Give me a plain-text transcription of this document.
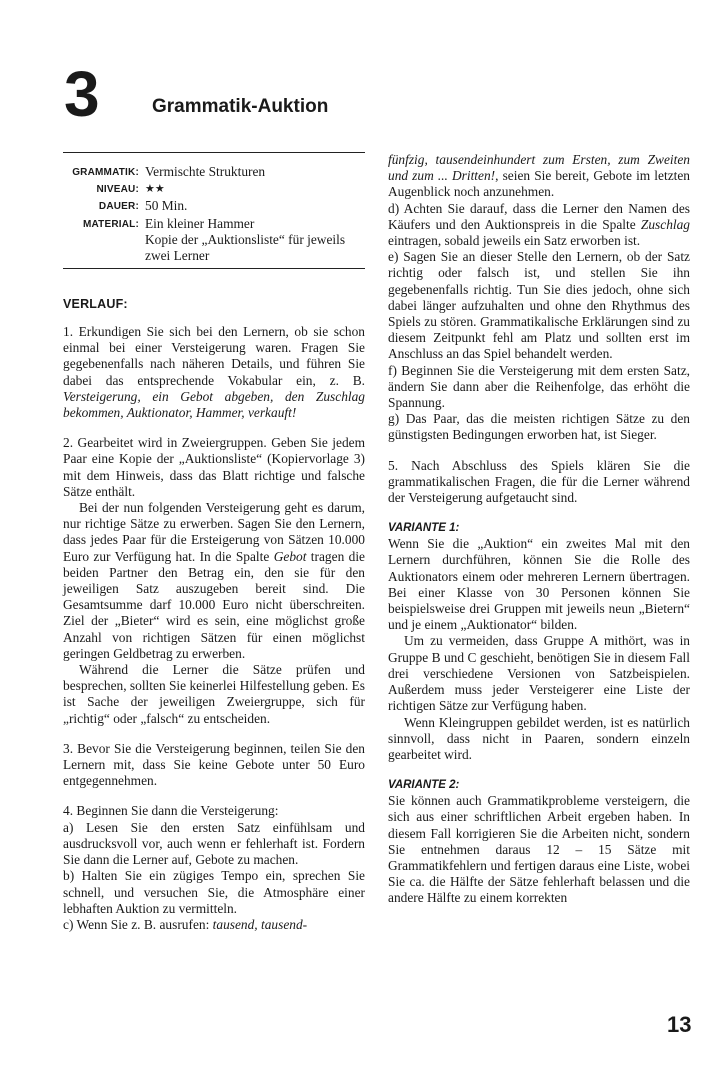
3	Grammatik-Auktion
GRAMMATIK: Vermischte Strukturen
NIVEAU: ★★
DAUER: 50 Min.
MATERIAL: Ein kleiner Hammer
Kopie der „Auktionsliste“ für jeweils zwei Lerner
VERLAUF:

1. Erkundigen Sie sich bei den Lernern, ob sie schon einmal bei einer Versteigerung waren. Fragen Sie gegebenenfalls nach näheren Details, und führen Sie dabei das entsprechende Vokabular ein, z. B. Versteigerung, ein Gebot abgeben, den Zuschlag bekommen, Auktionator, Hammer, verkauft!

2. Gearbeitet wird in Zweiergruppen. Geben Sie jedem Paar eine Kopie der „Auktionsliste“ (Kopiervorlage 3) mit dem Hinweis, dass das Blatt richtige und falsche Sätze enthält.

Bei der nun folgenden Versteigerung geht es darum, nur richtige Sätze zu erwerben. Sagen Sie den Lernern, dass jedes Paar für die Ersteigerung von Sätzen 10.000 Euro zur Verfügung hat. In die Spalte Gebot tragen die beiden Partner den Betrag ein, den sie für den jeweiligen Satz auszugeben bereit sind. Die Gesamtsumme darf 10.000 Euro nicht überschreiten. Ziel der „Bieter“ wird es sein, eine möglichst große Anzahl von richtigen Sätzen für einen möglichst geringen Geldbetrag zu erwerben.

Während die Lerner die Sätze prüfen und besprechen, sollten Sie keinerlei Hilfestellung geben. Es ist Sache der jeweiligen Zweiergruppe, sich für „richtig“ oder „falsch“ zu entscheiden.

3. Bevor Sie die Versteigerung beginnen, teilen Sie den Lernern mit, dass Sie keine Gebote unter 50 Euro entgegennehmen.

4. Beginnen Sie dann die Versteigerung:

a) Lesen Sie den ersten Satz einfühlsam und ausdrucksvoll vor, auch wenn er fehlerhaft ist. Fordern Sie dann die Lerner auf, Gebote zu machen.

b) Halten Sie ein zügiges Tempo ein, sprechen Sie schnell, und versuchen Sie, die Atmosphäre einer lebhaften Auktion zu vermitteln.

c) Wenn Sie z. B. ausrufen: tausend, tausend-

fünfzig, tausendeinhundert zum Ersten, zum Zweiten und zum ... Dritten!, seien Sie bereit, Gebote im letzten Augenblick noch anzunehmen.

d) Achten Sie darauf, dass die Lerner den Namen des Käufers und den Auktionspreis in die Spalte Zuschlag eintragen, sobald jeweils ein Satz erworben ist.

e) Sagen Sie an dieser Stelle den Lernern, ob der Satz richtig oder falsch ist, und stellen Sie ihn gegebenenfalls richtig. Tun Sie dies jedoch, ohne sich dabei länger aufzuhalten und ohne den Rhythmus des Spiels zu stören. Grammatikalische Erklärungen sind zu diesem Zeitpunkt fehl am Platz und sollten erst im Anschluss an das Spiel behandelt werden.

f) Beginnen Sie die Versteigerung mit dem ersten Satz, ändern Sie dann aber die Reihenfolge, das erhöht die Spannung.

g) Das Paar, das die meisten richtigen Sätze zu den günstigsten Bedingungen erworben hat, ist Sieger.

5. Nach Abschluss des Spiels klären Sie die grammatikalischen Fragen, die für die Lerner während der Versteigerung aufgetaucht sind.

VARIANTE 1:

Wenn Sie die „Auktion“ ein zweites Mal mit den Lernern durchführen, können Sie die Rolle des Auktionators einem oder mehreren Lernern übertragen. Bei einer Klasse von 30 Personen können Sie beispielsweise drei Gruppen mit jeweils neun „Bietern“ und je einem „Auktionator“ bilden.

Um zu vermeiden, dass Gruppe A mithört, was in Gruppe B und C geschieht, benötigen Sie in diesem Fall drei verschiedene Versionen von Satzbeispielen. Außerdem muss jeder Versteigerer eine Liste der richtigen Sätze zur Verfügung haben.

Wenn Kleingruppen gebildet werden, ist es natürlich sinnvoll, dass nicht in Paaren, sondern einzeln gearbeitet wird.

VARIANTE 2:

Sie können auch Grammatikprobleme versteigern, die sich aus einer schriftlichen Arbeit ergeben haben. In diesem Fall korrigieren Sie die Arbeiten nicht, sondern Sie entnehmen daraus 12 – 15 Sätze mit Grammatikfehlern und fertigen daraus eine Liste, wobei Sie ca. die Hälfte der Sätze fehlerhaft belassen und die andere Hälfte zu einem korrekten

13
